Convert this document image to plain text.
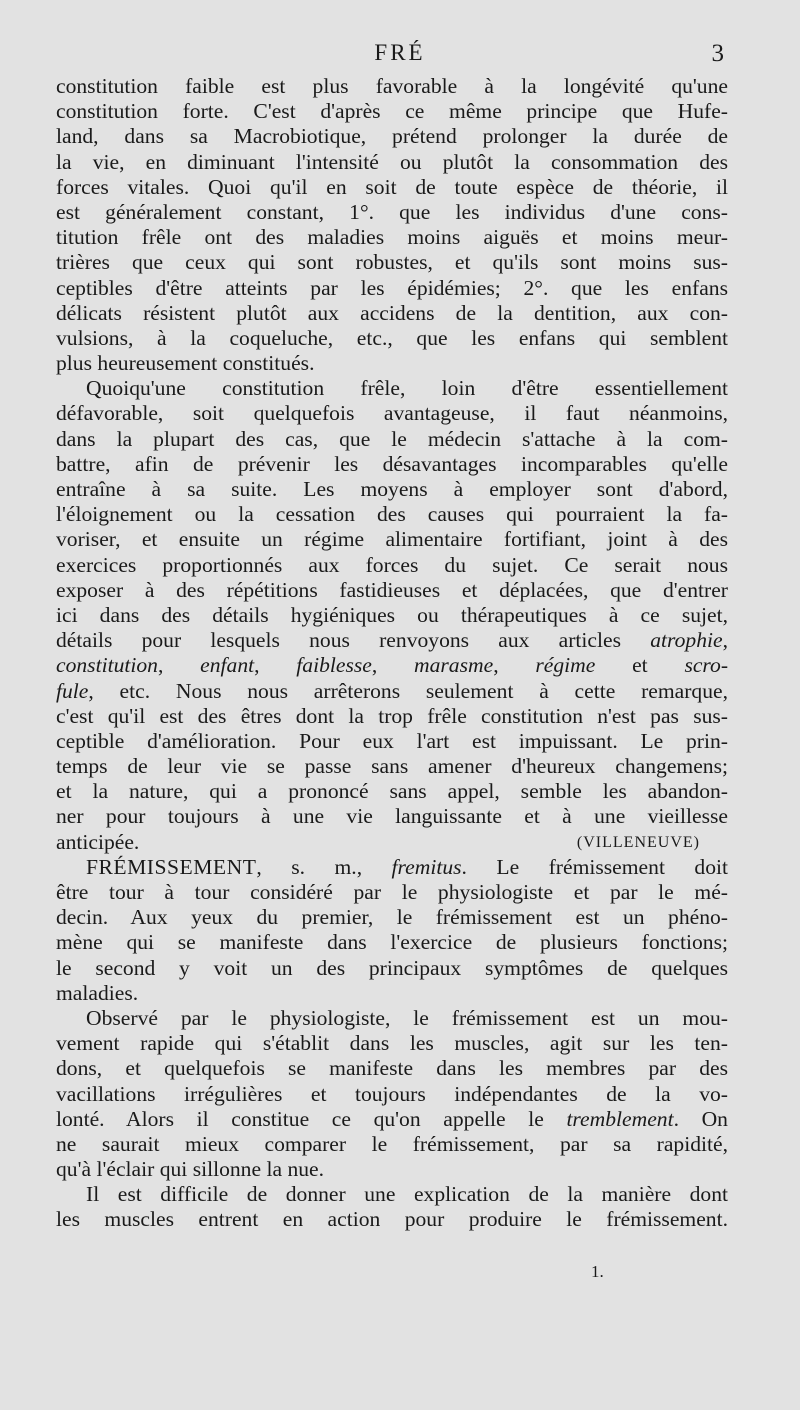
FRÉ	3
constitution faible est plus favorable à la longévité qu'une
constitution forte. C'est d'après ce même principe que Hufe-
land, dans sa Macrobiotique, prétend prolonger la durée de
la vie, en diminuant l'intensité ou plutôt la consommation des
forces vitales. Quoi qu'il en soit de toute espèce de théorie, il
est généralement constant, 1°. que les individus d'une cons-
titution frêle ont des maladies moins aiguës et moins meur-
trières que ceux qui sont robustes, et qu'ils sont moins sus-
ceptibles d'être atteints par les épidémies; 2°. que les enfans
délicats résistent plutôt aux accidens de la dentition, aux con-
vulsions, à la coqueluche, etc., que les enfans qui semblent
plus heureusement constitués.
Quoiqu'une constitution frêle, loin d'être essentiellement
défavorable, soit quelquefois avantageuse, il faut néanmoins,
dans la plupart des cas, que le médecin s'attache à la com-
battre, afin de prévenir les désavantages incomparables qu'elle
entraîne à sa suite. Les moyens à employer sont d'abord,
l'éloignement ou la cessation des causes qui pourraient la fa-
voriser, et ensuite un régime alimentaire fortifiant, joint à des
exercices proportionnés aux forces du sujet. Ce serait nous
exposer à des répétitions fastidieuses et déplacées, que d'entrer
ici dans des détails hygiéniques ou thérapeutiques à ce sujet,
détails pour lesquels nous renvoyons aux articles atrophie,
constitution, enfant, faiblesse, marasme, régime et scro-
fule, etc. Nous nous arrêterons seulement à cette remarque,
c'est qu'il est des êtres dont la trop frêle constitution n'est pas sus-
ceptible d'amélioration. Pour eux l'art est impuissant. Le prin-
temps de leur vie se passe sans amener d'heureux changemens;
et la nature, qui a prononcé sans appel, semble les abandon-
ner pour toujours à une vie languissante et à une vieillesse
anticipée.	(VILLENEUVE)
FRÉMISSEMENT, s. m., fremitus. Le frémissement doit
être tour à tour considéré par le physiologiste et par le mé-
decin. Aux yeux du premier, le frémissement est un phéno-
mène qui se manifeste dans l'exercice de plusieurs fonctions;
le second y voit un des principaux symptômes de quelques
maladies.
Observé par le physiologiste, le frémissement est un mou-
vement rapide qui s'établit dans les muscles, agit sur les ten-
dons, et quelquefois se manifeste dans les membres par des
vacillations irrégulières et toujours indépendantes de la vo-
lonté. Alors il constitue ce qu'on appelle le tremblement. On
ne saurait mieux comparer le frémissement, par sa rapidité,
qu'à l'éclair qui sillonne la nue.
Il est difficile de donner une explication de la manière dont
les muscles entrent en action pour produire le frémissement.
1.
